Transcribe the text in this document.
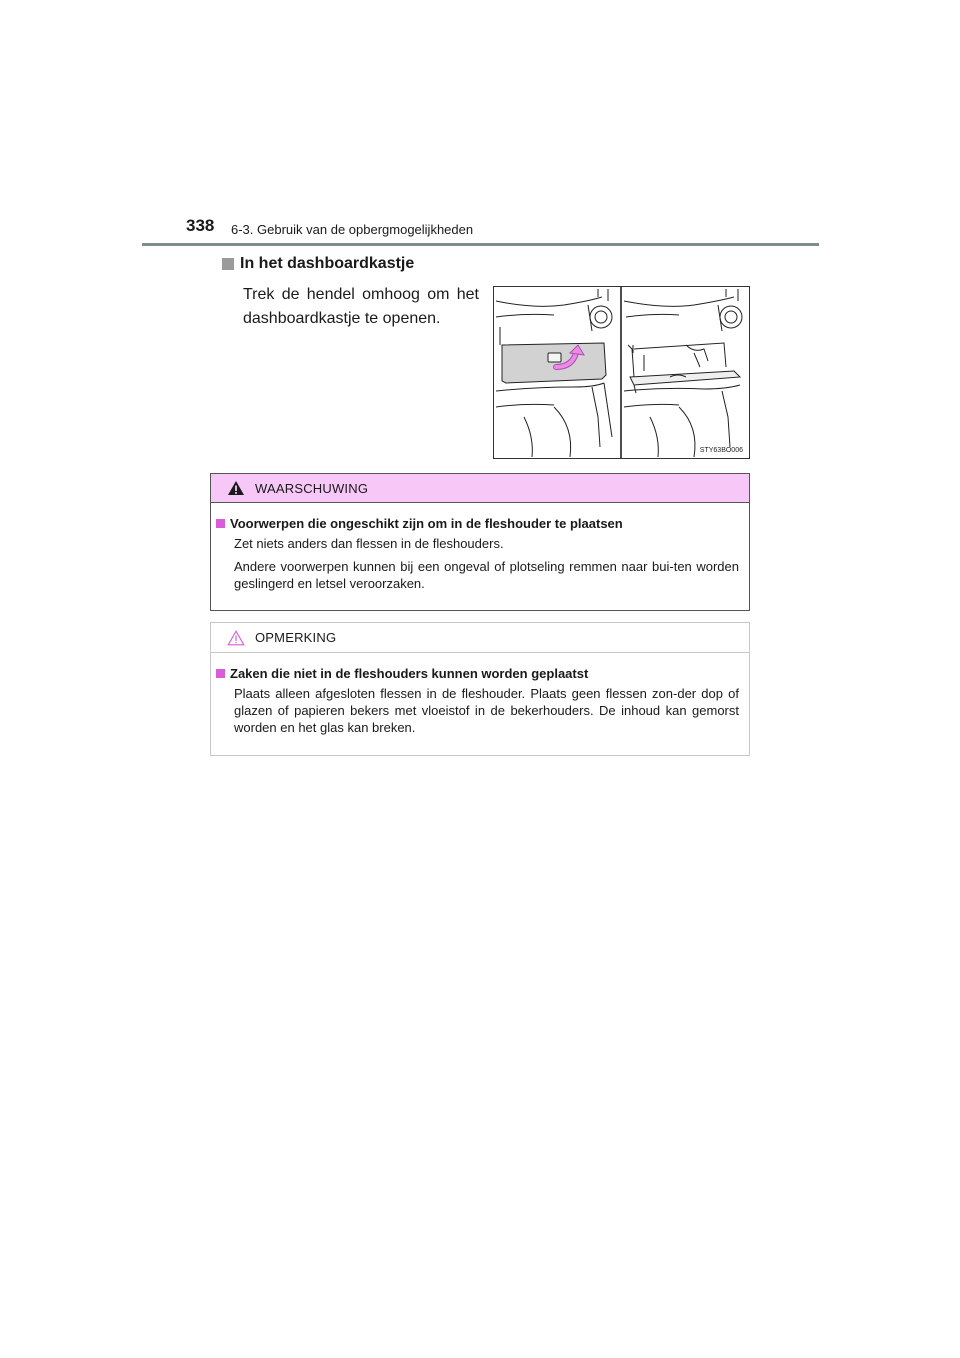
338 6-3. Gebruik van de opbergmogelijkheden
In het dashboardkastje
Trek de hendel omhoog om het dashboardkastje te openen.
STY63BO006
WAARSCHUWING
Voorwerpen die ongeschikt zijn om in de fleshouder te plaatsen
Zet niets anders dan flessen in de fleshouders.
Andere voorwerpen kunnen bij een ongeval of plotseling remmen naar bui-ten worden geslingerd en letsel veroorzaken.
OPMERKING
Zaken die niet in de fleshouders kunnen worden geplaatst
Plaats alleen afgesloten flessen in de fleshouder. Plaats geen flessen zon-der dop of glazen of papieren bekers met vloeistof in de bekerhouders. De inhoud kan gemorst worden en het glas kan breken.
